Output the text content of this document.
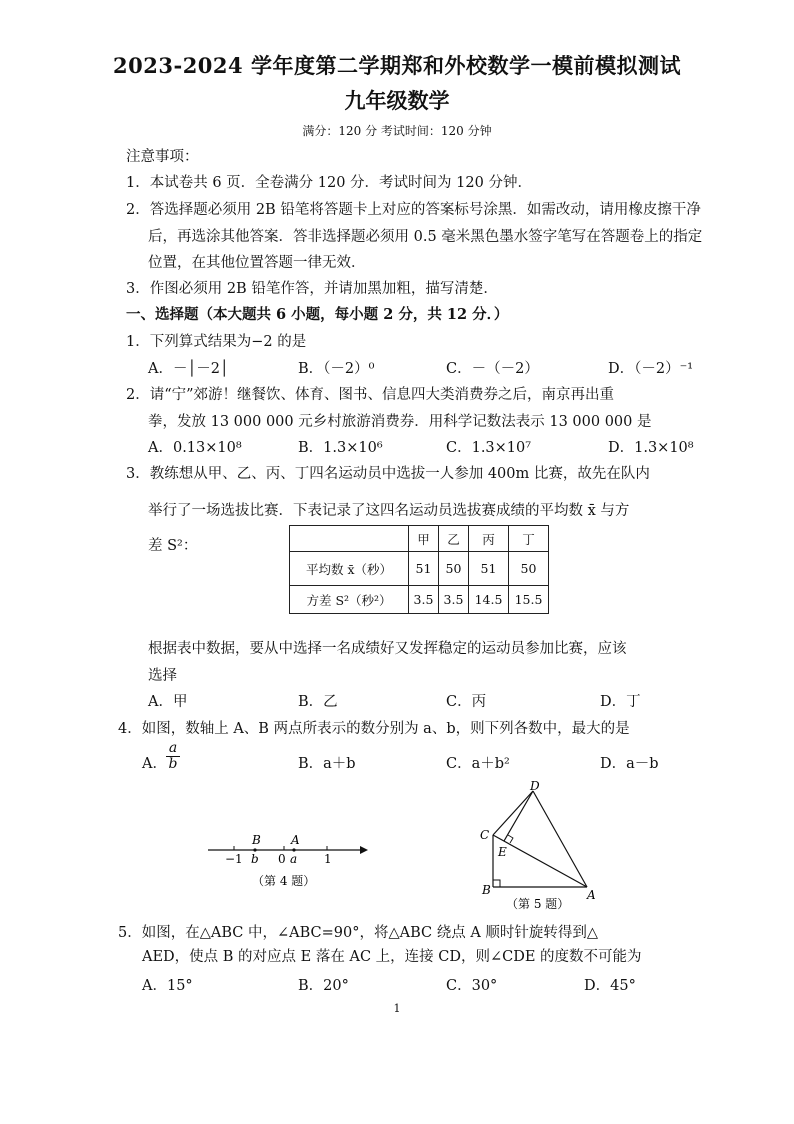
2023-2024 学年度第二学期郑和外校数学一模前模拟测试
九年级数学
满分：120 分 考试时间：120 分钟
注意事项：
1．本试卷共 6 页．全卷满分 120 分．考试时间为 120 分钟．
2．答选择题必须用 2B 铅笔将答题卡上对应的答案标号涂黑．如需改动，请用橡皮擦干净
后，再选涂其他答案．答非选择题必须用 0.5 毫米黑色墨水签字笔写在答题卷上的指定
位置，在其他位置答题一律无效．
3．作图必须用 2B 铅笔作答，并请加黑加粗，描写清楚．
一、选择题（本大题共 6 小题，每小题 2 分，共 12 分．）
1．下列算式结果为−2 的是
A．－│－2│	B．（－2）⁰	C．－（－2）	D．（－2）⁻¹
2．请“宁”郊游！继餐饮、体育、图书、信息四大类消费券之后，南京再出重
拳，发放 13 000 000 元乡村旅游消费券．用科学记数法表示 13 000 000 是
A．0.13×10⁸	B．1.3×10⁶	C．1.3×10⁷	D．1.3×10⁸
3．教练想从甲、乙、丙、丁四名运动员中选拔一人参加 400m 比赛，故先在队内
举行了一场选拔比赛．下表记录了这四名运动员选拔赛成绩的平均数 x̄ 与方
差 S²：
		甲	乙	丙	丁
平均数 x̄（秒）	51	50	51	50
方差 S²（秒²）	3.5	3.5	14.5	15.5
根据表中数据，要从中选择一名成绩好又发挥稳定的运动员参加比赛，应该
选择
A．甲	B．乙	C．丙	D．丁
4．如图，数轴上 A、B 两点所表示的数分别为 a、b，则下列各数中，最大的是
A． $\frac{a}{b}$	B．a＋b	C．a＋b²	D．a－b
B	A
−1 b 0 a 1
（第 4 题）
D
C
E
B	A
（第 5 题）
5．如图，在△ABC 中，∠ABC=90°，将△ABC 绕点 A 顺时针旋转得到△
AED，使点 B 的对应点 E 落在 AC 上，连接 CD，则∠CDE 的度数不可能为
A．15°	B．20°	C．30°	D．45°
1
